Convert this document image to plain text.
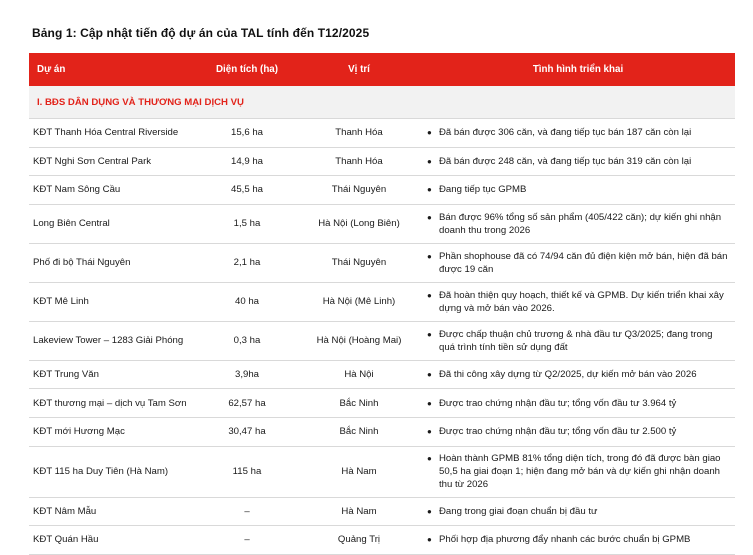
Bảng 1: Cập nhật tiến độ dự án của TAL tính đến T12/2025
Dự án	Diện tích (ha)	Vị trí	Tình hình triển khai
I. BĐS DÂN DỤNG VÀ THƯƠNG MẠI DỊCH VỤ			
KĐT Thanh Hóa Central Riverside	15,6 ha	Thanh Hóa	● Đã bán được 306 căn, và đang tiếp tục bán 187 căn còn lại

KĐT Nghi Sơn Central Park	14,9 ha	Thanh Hóa	● Đã bán được 248 căn, và đang tiếp tục bán 319 căn còn lại

KĐT Nam Sông Cầu	45,5 ha	Thái Nguyên	● Đang tiếp tục GPMB

Long Biên Central	1,5 ha	Hà Nội (Long Biên)	● Bán được 96% tổng số sản phẩm (405/422 căn); dự kiến ghi nhận doanh thu trong 2026

Phố đi bộ Thái Nguyên	2,1 ha	Thái Nguyên	● Phần shophouse đã có 74/94 căn đủ điện kiện mở bán, hiện đã bán được 19 căn

KĐT Mê Linh	40 ha	Hà Nội (Mê Linh)	● Đã hoàn thiện quy hoạch, thiết kế và GPMB. Dự kiến triển khai xây dựng và mở bán vào 2026.

Lakeview Tower – 1283 Giải Phóng	0,3 ha	Hà Nội (Hoàng Mai)	● Được chấp thuận chủ trương & nhà đầu tư Q3/2025; đang trong quá trình tính tiền sử dụng đất

KĐT Trung Văn	3,9ha	Hà Nội	● Đã thi công xây dựng từ Q2/2025, dự kiến mở bán vào 2026

KĐT thương mại – dịch vụ Tam Sơn	62,57 ha	Bắc Ninh	● Được trao chứng nhận đầu tư; tổng vốn đầu tư 3.964 tỷ

KĐT mới Hương Mạc	30,47 ha	Bắc Ninh	● Được trao chứng nhận đầu tư; tổng vốn đầu tư 2.500 tỷ

KĐT 115 ha Duy Tiên (Hà Nam)	115 ha	Hà Nam	● Hoàn thành GPMB 81% tổng diện tích, trong đó đã được bàn giao 50,5 ha giai đoạn 1; hiện đang mở bán và dự kiến ghi nhận doanh thu từ 2026

KĐT Nâm Mẫu	–	Hà Nam	● Đang trong giai đoạn chuẩn bị đầu tư

KĐT Quán Hầu	–	Quảng Trị	● Phối hợp địa phương đẩy nhanh các bước chuẩn bị GPMB
